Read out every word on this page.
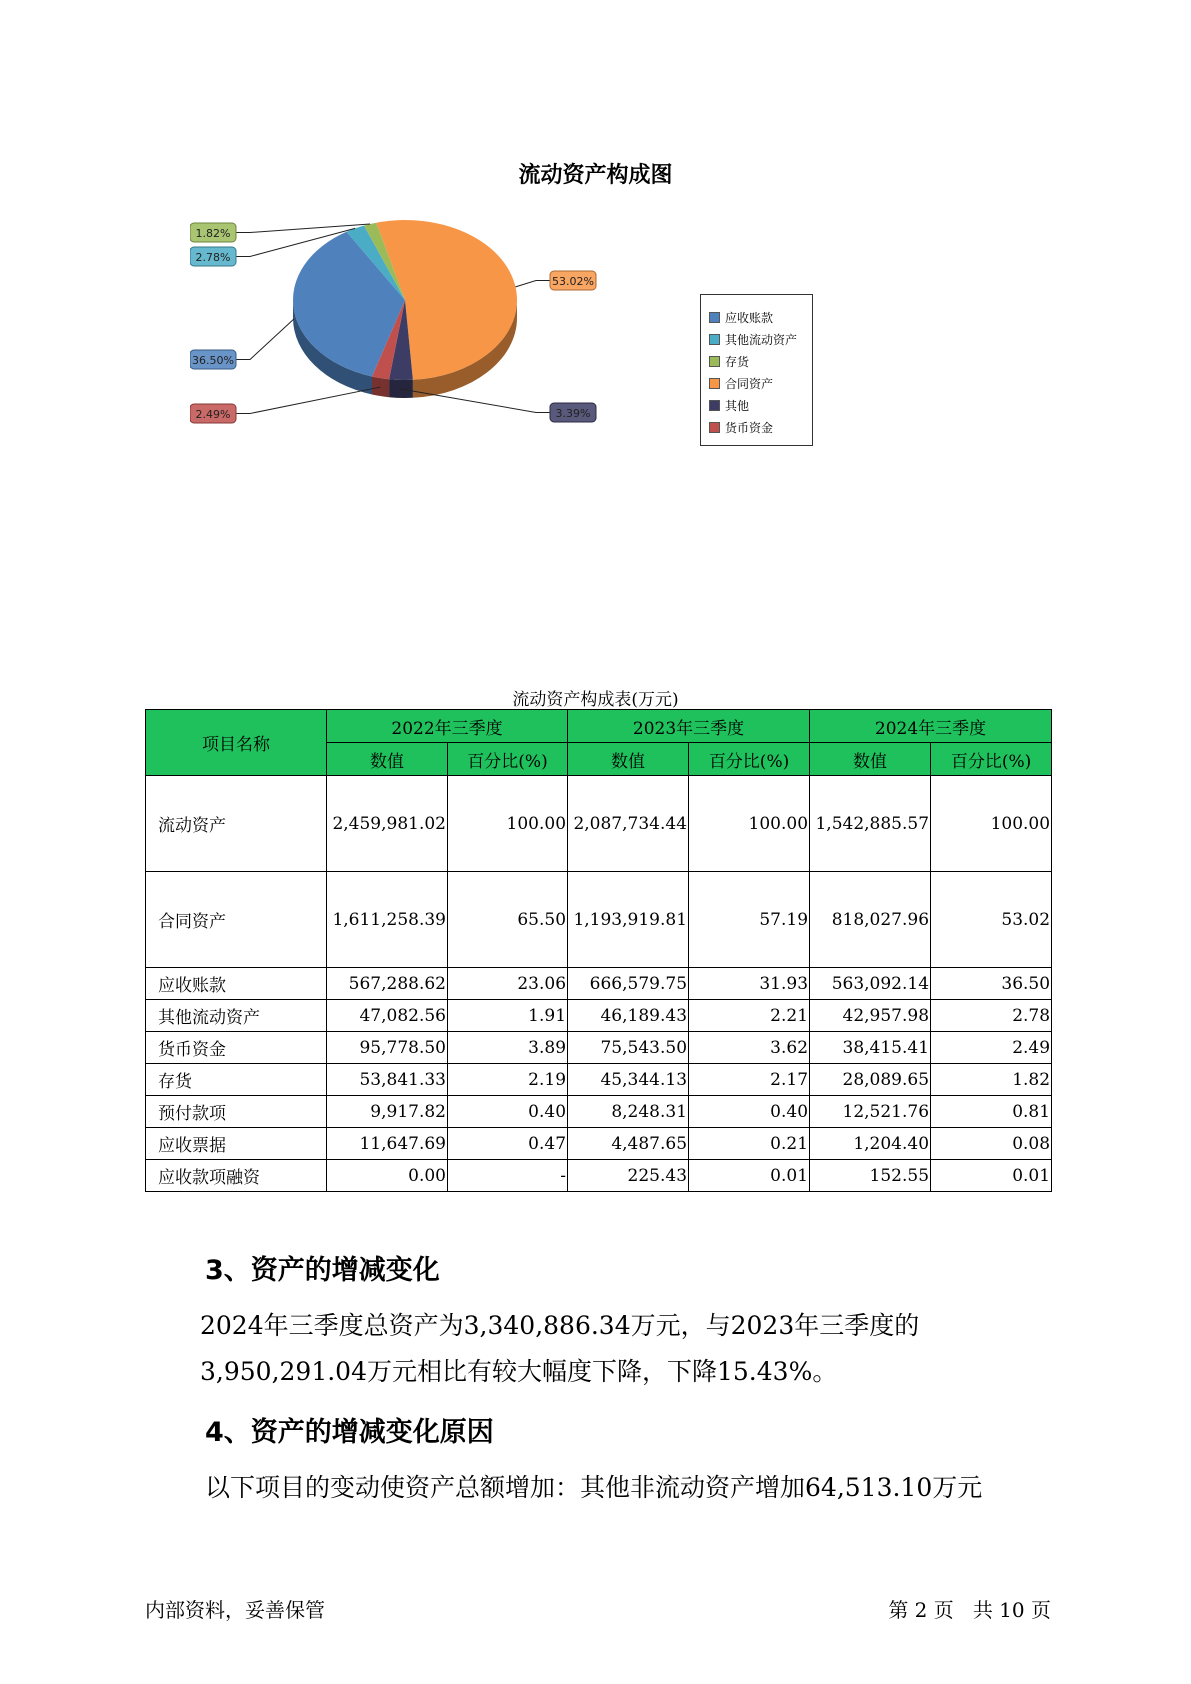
流动资产构成图
53.02%
3.39%
2.49%
36.50%
2.78%
1.82%
应收账款
其他流动资产
存货
合同资产
其他
货币资金
流动资产构成表(万元)
项目名称	2022年三季度		2023年三季度		2024年三季度	
	数值	百分比(%)	数值	百分比(%)	数值	百分比(%)
流动资产	2,459,981.02	100.00	2,087,734.44	100.00	1,542,885.57	100.00
合同资产	1,611,258.39	65.50	1,193,919.81	57.19	818,027.96	53.02
应收账款	567,288.62	23.06	666,579.75	31.93	563,092.14	36.50
其他流动资产	47,082.56	1.91	46,189.43	2.21	42,957.98	2.78
货币资金	95,778.50	3.89	75,543.50	3.62	38,415.41	2.49
存货	53,841.33	2.19	45,344.13	2.17	28,089.65	1.82
预付款项	9,917.82	0.40	8,248.31	0.40	12,521.76	0.81
应收票据	11,647.69	0.47	4,487.65	0.21	1,204.40	0.08
应收款项融资	0.00	-	225.43	0.01	152.55	0.01
3、资产的增减变化
2024年三季度总资产为3,340,886.34万元，与2023年三季度的
3,950,291.04万元相比有较大幅度下降，下降15.43%。
4、资产的增减变化原因
以下项目的变动使资产总额增加：其他非流动资产增加64,513.10万元
内部资料，妥善保管	第 2 页   共 10 页
